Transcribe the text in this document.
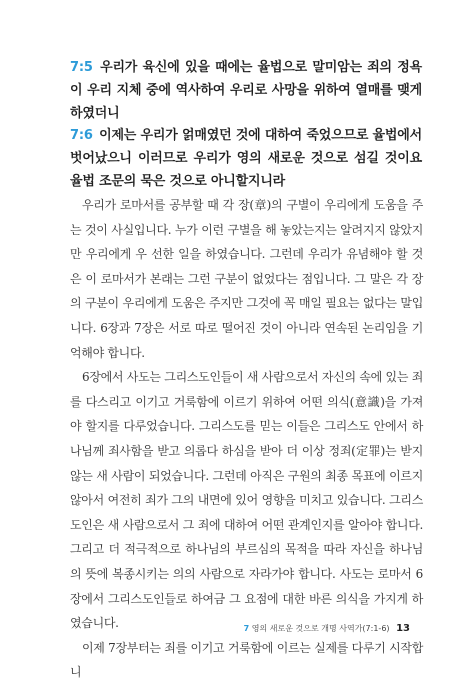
7:5 우리가 육신에 있을 때에는 율법으로 말미암는 죄의 정욕이 우리 지체 중에 역사하여 우리로 사망을 위하여 열매를 맺게 하였더니

7:6 이제는 우리가 얽매였던 것에 대하여 죽었으므로 율법에서 벗어났으니 이러므로 우리가 영의 새로운 것으로 섬길 것이요 율법 조문의 묵은 것으로 아니할지니라

우리가 로마서를 공부할 때 각 장(章)의 구별이 우리에게 도움을 주는 것이 사실입니다. 누가 이런 구별을 해 놓았는지는 알려지지 않았지만 우리에게 우 선한 일을 하였습니다. 그런데 우리가 유념해야 할 것은 이 로마서가 본래는 그런 구분이 없었다는 점입니다. 그 말은 각 장의 구분이 우리에게 도움은 주지만 그것에 꼭 매일 필요는 없다는 말입니다. 6장과 7장은 서로 따로 떨어진 것이 아니라 연속된 논리임을 기억해야 합니다.

6장에서 사도는 그리스도인들이 새 사람으로서 자신의 속에 있는 죄를 다스리고 이기고 거룩함에 이르기 위하여 어떤 의식(意識)을 가져야 할지를 다루었습니다. 그리스도를 믿는 이들은 그리스도 안에서 하나님께 죄사함을 받고 의롭다 하심을 받아 더 이상 정죄(定罪)는 받지 않는 새 사람이 되었습니다. 그런데 아직은 구원의 최종 목표에 이르지 않아서 여전히 죄가 그의 내면에 있어 영향을 미치고 있습니다. 그리스도인은 새 사람으로서 그 죄에 대하여 어떤 관계인지를 알아야 합니다. 그리고 더 적극적으로 하나님의 부르심의 목적을 따라 자신을 하나님의 뜻에 복종시키는 의의 사람으로 자라가야 합니다. 사도는 로마서 6장에서 그리스도인들로 하여금 그 요점에 대한 바른 의식을 가지게 하였습니다.

이제 7장부터는 죄를 이기고 거룩함에 이르는 실제를 다루기 시작합니

7 영의 새로운 것으로 개명 사역가(7:1-6) 13
